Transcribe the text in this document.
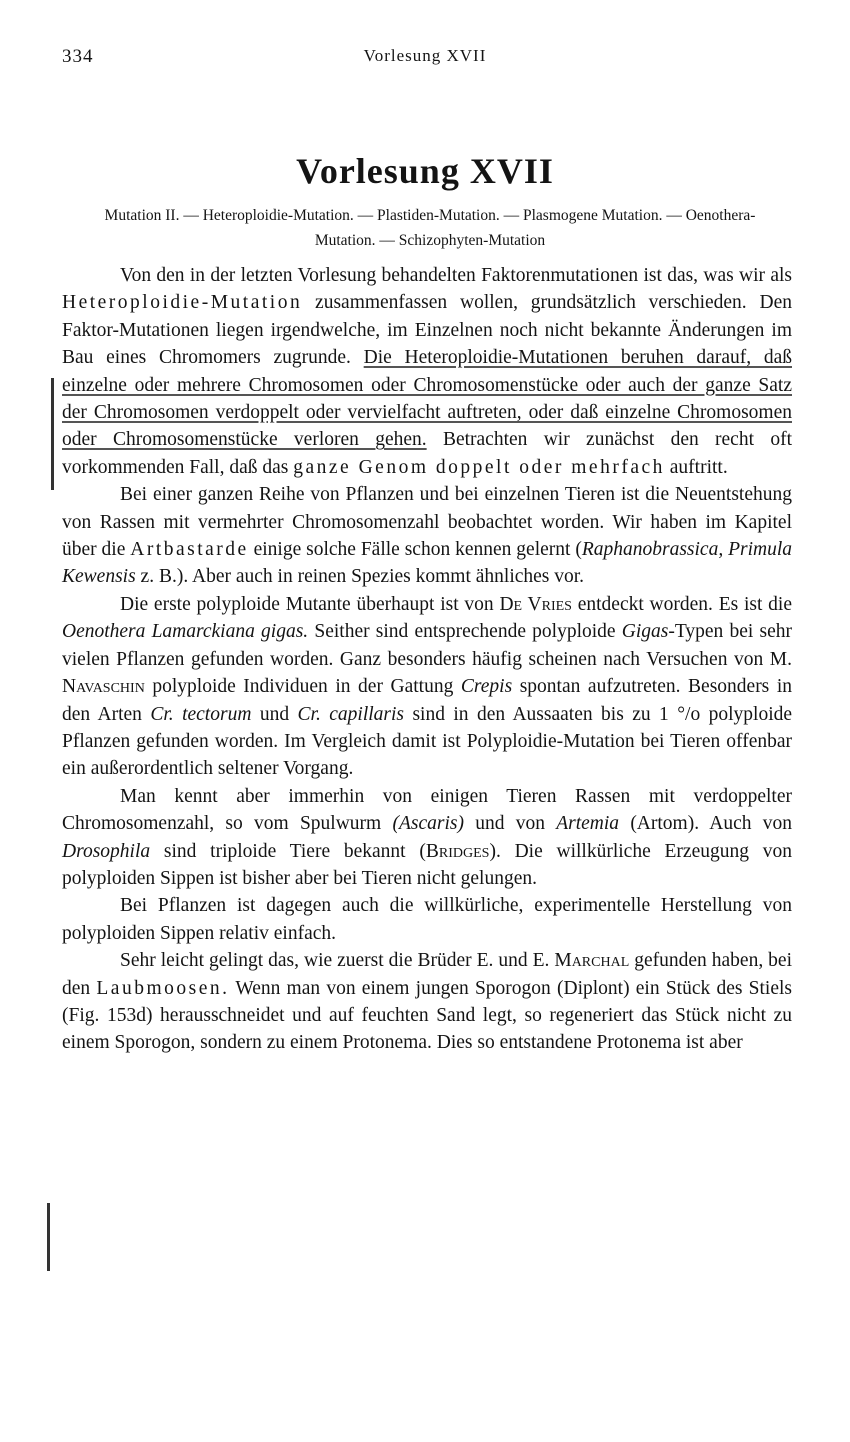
334	Vorlesung XVII
Vorlesung XVII
Mutation II. — Heteroploidie-Mutation. — Plastiden-Mutation. — Plasmogene Mutation. — Oenothera-Mutation. — Schizophyten-Mutation

Von den in der letzten Vorlesung behandelten Faktorenmutationen ist das, was wir als Heteroploidie-Mutation zusammenfassen wollen, grundsätzlich verschieden. Den Faktor-Mutationen liegen irgendwelche, im Einzelnen noch nicht bekannte Änderungen im Bau eines Chromomers zugrunde. Die Heteroploidie-Mutationen beruhen darauf, daß einzelne oder mehrere Chromosomen oder Chromosomenstücke oder auch der ganze Satz der Chromosomen verdoppelt oder vervielfacht auftreten, oder daß einzelne Chromosomen oder Chromosomenstücke verloren gehen. Betrachten wir zunächst den recht oft vorkommenden Fall, daß das ganze Genom doppelt oder mehrfach auftritt.

Bei einer ganzen Reihe von Pflanzen und bei einzelnen Tieren ist die Neuentstehung von Rassen mit vermehrter Chromosomenzahl beobachtet worden. Wir haben im Kapitel über die Artbastarde einige solche Fälle schon kennen gelernt (Raphanobrassica, Primula Kewensis z. B.). Aber auch in reinen Spezies kommt ähnliches vor.

Die erste polyploide Mutante überhaupt ist von De Vries entdeckt worden. Es ist die Oenothera Lamarckiana gigas. Seither sind entsprechende polyploide Gigas-Typen bei sehr vielen Pflanzen gefunden worden. Ganz besonders häufig scheinen nach Versuchen von M. Navaschin polyploide Individuen in der Gattung Crepis spontan aufzutreten. Besonders in den Arten Cr. tectorum und Cr. capillaris sind in den Aussaaten bis zu 1 °/o polyploide Pflanzen gefunden worden. Im Vergleich damit ist Polyploidie-Mutation bei Tieren offenbar ein außerordentlich seltener Vorgang.

Man kennt aber immerhin von einigen Tieren Rassen mit verdoppelter Chromosomenzahl, so vom Spulwurm (Ascaris) und von Artemia (Artom). Auch von Drosophila sind triploide Tiere bekannt (Bridges). Die willkürliche Erzeugung von polyploiden Sippen ist bisher aber bei Tieren nicht gelungen.

Bei Pflanzen ist dagegen auch die willkürliche, experimentelle Herstellung von polyploiden Sippen relativ einfach.

Sehr leicht gelingt das, wie zuerst die Brüder E. und E. Marchal gefunden haben, bei den Laubmoosen. Wenn man von einem jungen Sporogon (Diplont) ein Stück des Stiels (Fig. 153d) herausschneidet und auf feuchten Sand legt, so regeneriert das Stück nicht zu einem Sporogon, sondern zu einem Protonema. Dies so entstandene Protonema ist aber
